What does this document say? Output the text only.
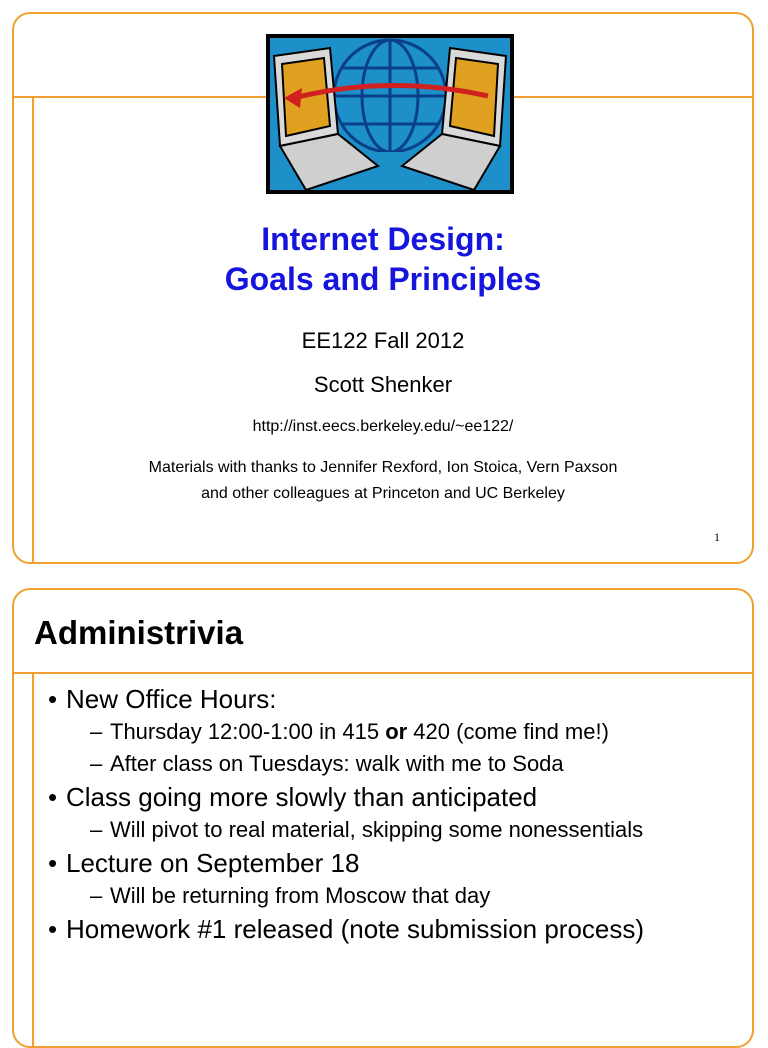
Internet Design:
Goals and Principles
EE122 Fall 2012
Scott Shenker
http://inst.eecs.berkeley.edu/~ee122/
Materials with thanks to Jennifer Rexford, Ion Stoica, Vern Paxson
and other colleagues at Princeton and UC Berkeley
1
Administrivia
• New Office Hours:
– Thursday 12:00-1:00 in 415 or 420 (come find me!)
– After class on Tuesdays: walk with me to Soda
• Class going more slowly than anticipated
– Will pivot to real material, skipping some nonessentials
• Lecture on September 18
– Will be returning from Moscow that day
• Homework #1 released (note submission process)
